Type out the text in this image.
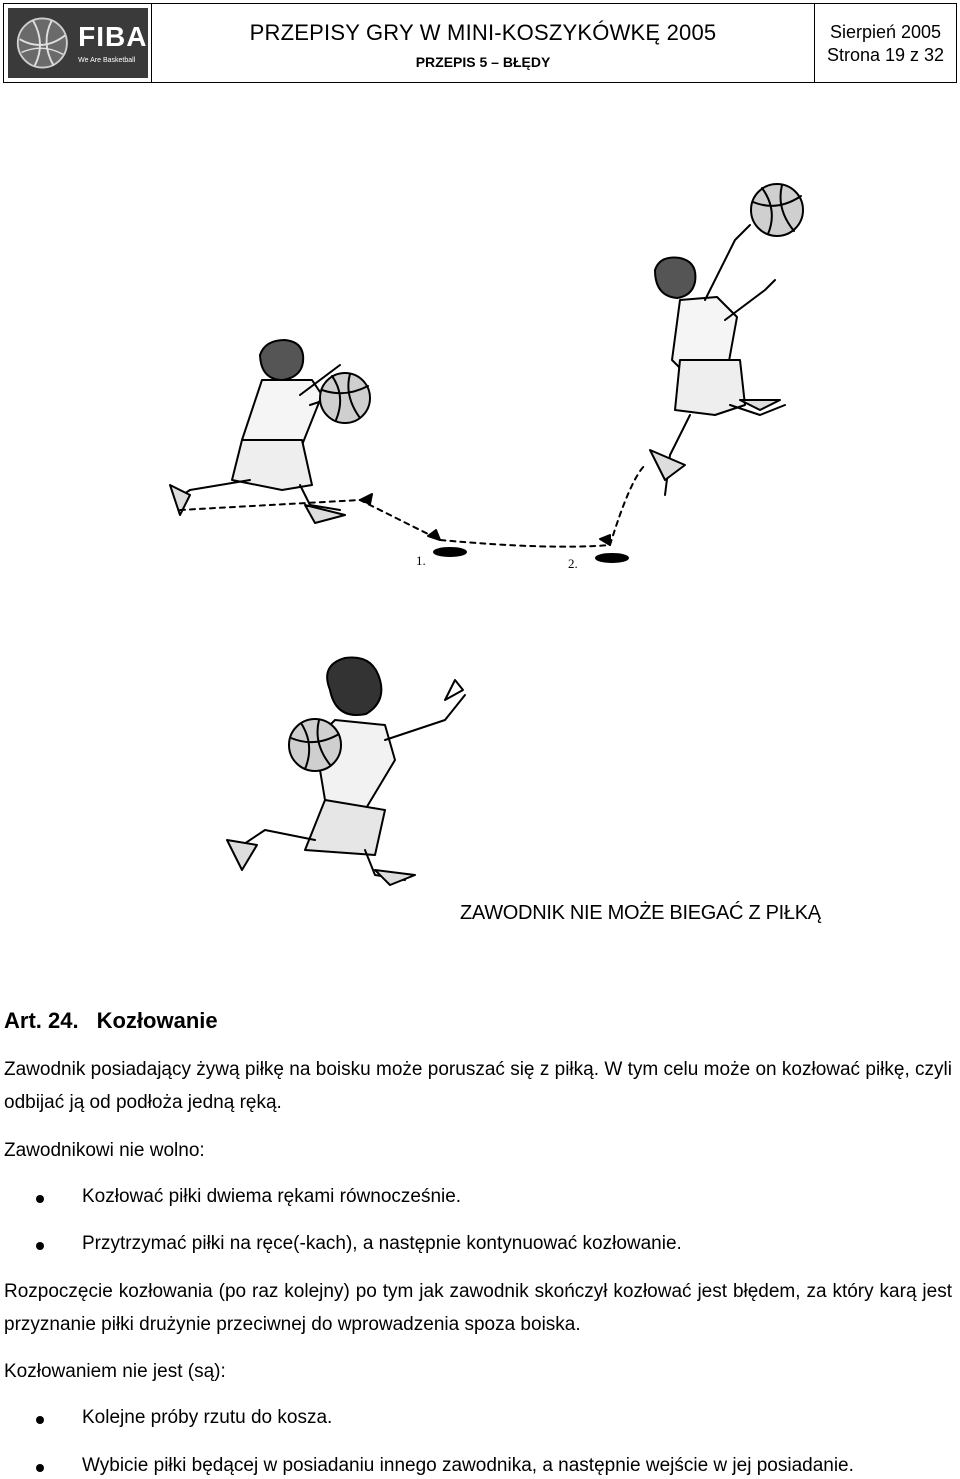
FIBA
We Are Basketball
PRZEPISY GRY W MINI-KOSZYKÓWKĘ 2005
PRZEPIS 5 – BŁĘDY
Sierpień 2005
Strona 19 z 32
1.	2.
ZAWODNIK NIE MOŻE BIEGAĆ Z PIŁKĄ
Art. 24. Kozłowanie
Zawodnik posiadający żywą piłkę na boisku może poruszać się z piłką. W tym celu może on kozłować piłkę, czyli odbijać ją od podłoża jedną ręką.
Zawodnikowi nie wolno:
Kozłować piłki dwiema rękami równocześnie.
Przytrzymać piłki na ręce(-kach), a następnie kontynuować kozłowanie.
Rozpoczęcie kozłowania (po raz kolejny) po tym jak zawodnik skończył kozłować jest błędem, za który karą jest przyznanie piłki drużynie przeciwnej do wprowadzenia spoza boiska.
Kozłowaniem nie jest (są):
Kolejne próby rzutu do kosza.
Wybicie piłki będącej w posiadaniu innego zawodnika, a następnie wejście w jej posiadanie.
